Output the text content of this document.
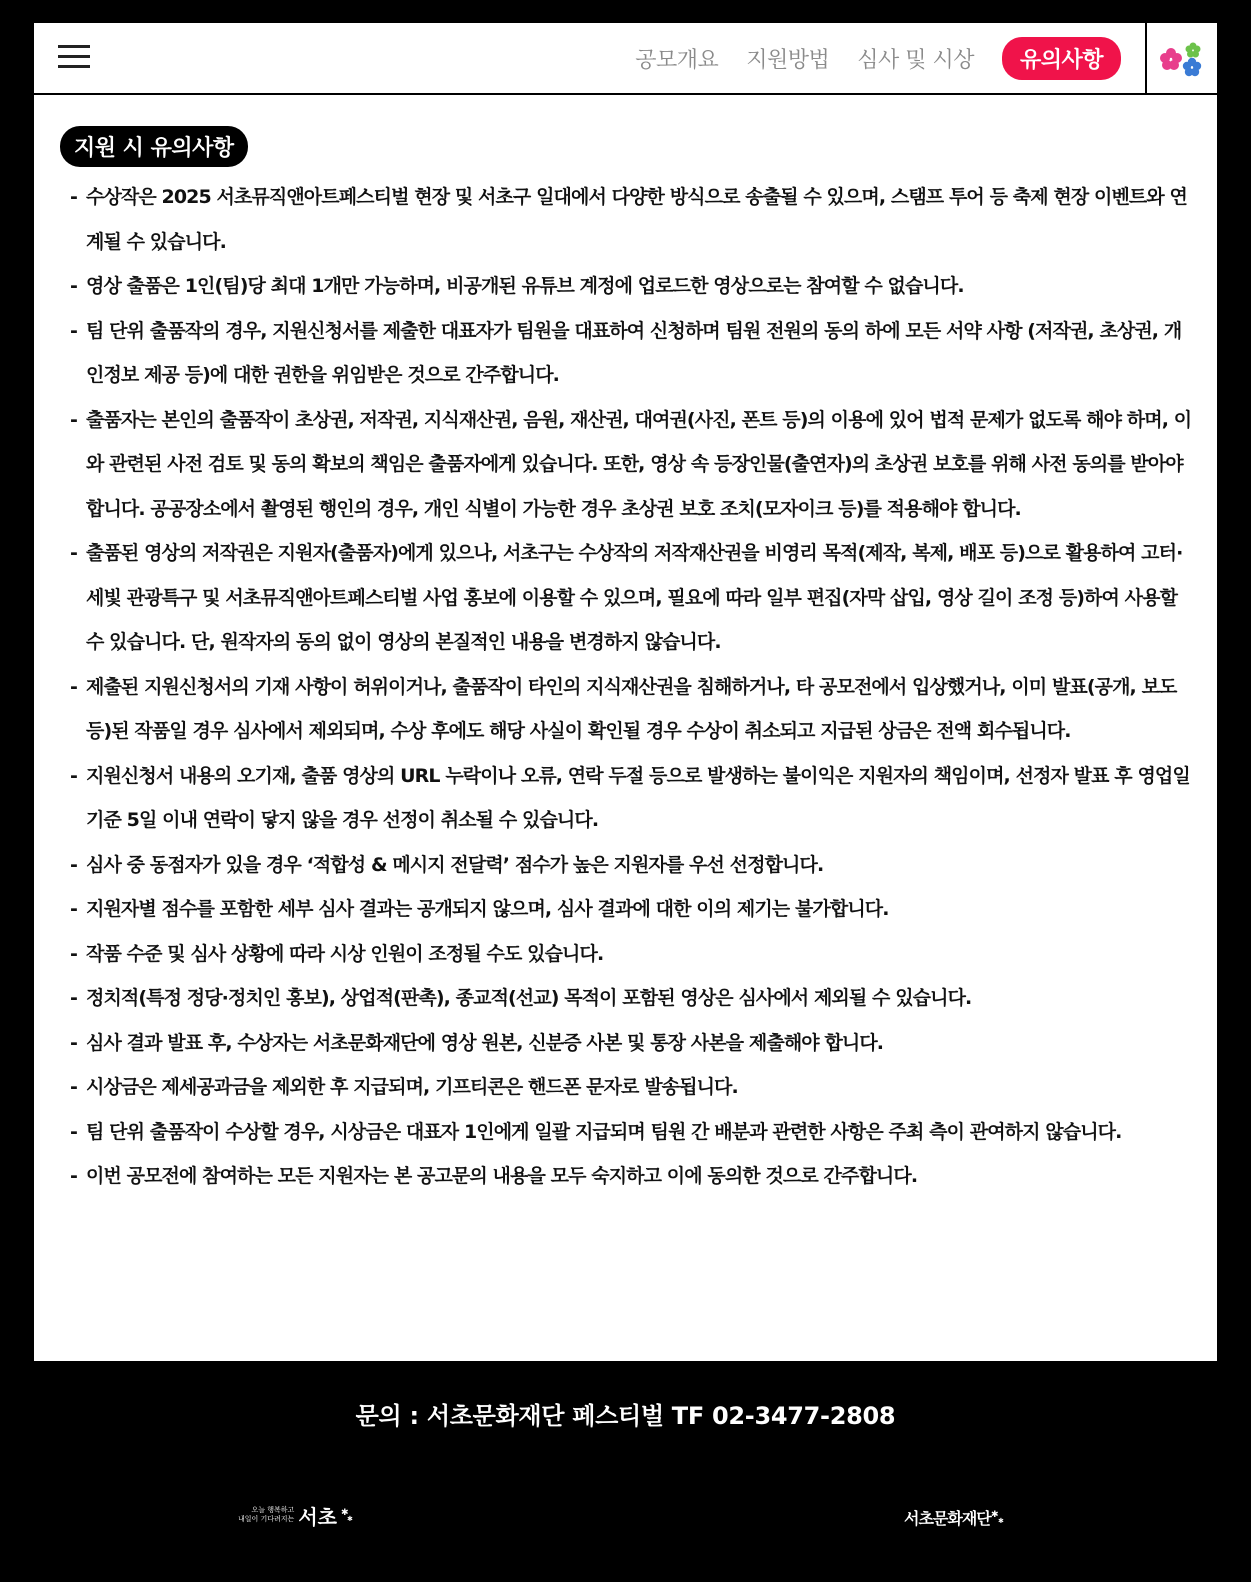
공모개요 지원방법 심사 및 시상	유의사항
지원 시 유의사항
- 수상작은 2025 서초뮤직앤아트페스티벌 현장 및 서초구 일대에서 다양한 방식으로 송출될 수 있으며, 스탬프 투어 등 축제 현장 이벤트와 연계될 수 있습니다.
- 영상 출품은 1인(팀)당 최대 1개만 가능하며, 비공개된 유튜브 계정에 업로드한 영상으로는 참여할 수 없습니다.
- 팀 단위 출품작의 경우, 지원신청서를 제출한 대표자가 팀원을 대표하여 신청하며 팀원 전원의 동의 하에 모든 서약 사항 (저작권, 초상권, 개인정보 제공 등)에 대한 권한을 위임받은 것으로 간주합니다.
- 출품자는 본인의 출품작이 초상권, 저작권, 지식재산권, 음원, 재산권, 대여권(사진, 폰트 등)의 이용에 있어 법적 문제가 없도록 해야 하며, 이와 관련된 사전 검토 및 동의 확보의 책임은 출품자에게 있습니다. 또한, 영상 속 등장인물(출연자)의 초상권 보호를 위해 사전 동의를 받아야 합니다. 공공장소에서 촬영된 행인의 경우, 개인 식별이 가능한 경우 초상권 보호 조치(모자이크 등)를 적용해야 합니다.
- 출품된 영상의 저작권은 지원자(출품자)에게 있으나, 서초구는 수상작의 저작재산권을 비영리 목적(제작, 복제, 배포 등)으로 활용하여 고터·세빛 관광특구 및 서초뮤직앤아트페스티벌 사업 홍보에 이용할 수 있으며, 필요에 따라 일부 편집(자막 삽입, 영상 길이 조정 등)하여 사용할 수 있습니다. 단, 원작자의 동의 없이 영상의 본질적인 내용을 변경하지 않습니다.
- 제출된 지원신청서의 기재 사항이 허위이거나, 출품작이 타인의 지식재산권을 침해하거나, 타 공모전에서 입상했거나, 이미 발표(공개, 보도 등)된 작품일 경우 심사에서 제외되며, 수상 후에도 해당 사실이 확인될 경우 수상이 취소되고 지급된 상금은 전액 회수됩니다.
- 지원신청서 내용의 오기재, 출품 영상의 URL 누락이나 오류, 연락 두절 등으로 발생하는 불이익은 지원자의 책임이며, 선정자 발표 후 영업일 기준 5일 이내 연락이 닿지 않을 경우 선정이 취소될 수 있습니다.
- 심사 중 동점자가 있을 경우 ‘적합성 & 메시지 전달력’ 점수가 높은 지원자를 우선 선정합니다.
- 지원자별 점수를 포함한 세부 심사 결과는 공개되지 않으며, 심사 결과에 대한 이의 제기는 불가합니다.
- 작품 수준 및 심사 상황에 따라 시상 인원이 조정될 수도 있습니다.
- 정치적(특정 정당·정치인 홍보), 상업적(판촉), 종교적(선교) 목적이 포함된 영상은 심사에서 제외될 수 있습니다.
- 심사 결과 발표 후, 수상자는 서초문화재단에 영상 원본, 신분증 사본 및 통장 사본을 제출해야 합니다.
- 시상금은 제세공과금을 제외한 후 지급되며, 기프티콘은 핸드폰 문자로 발송됩니다.
- 팀 단위 출품작이 수상할 경우, 시상금은 대표자 1인에게 일괄 지급되며 팀원 간 배분과 관련한 사항은 주최 측이 관여하지 않습니다.
- 이번 공모전에 참여하는 모든 지원자는 본 공고문의 내용을 모두 숙지하고 이에 동의한 것으로 간주합니다.
문의 : 서초문화재단 페스티벌 TF 02-3477-2808
오늘 행복하고
내일이 기다려지는 서초 ✱
✱	서초문화재단 ✱
✱
